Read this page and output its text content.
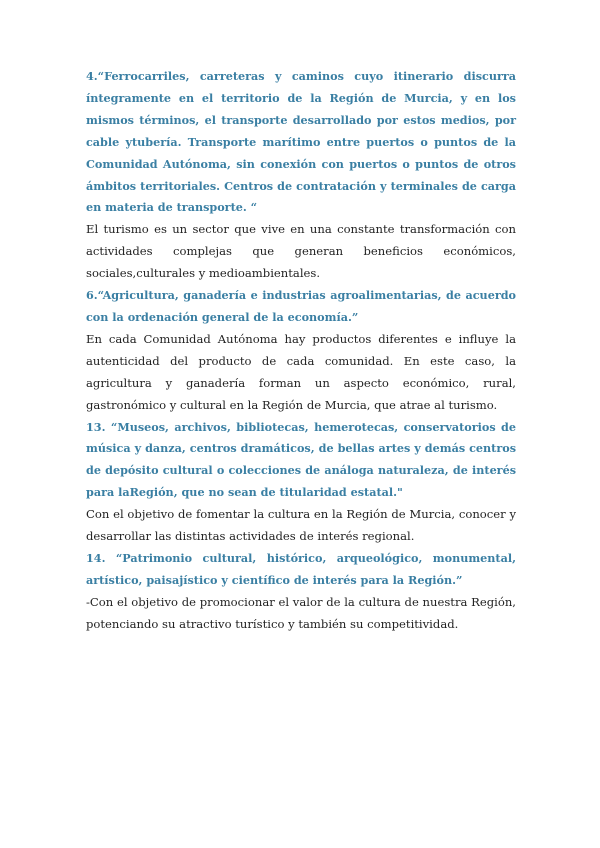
4.“Ferrocarriles, carreteras y caminos cuyo itinerario discurra íntegramente en el territorio de la Región de Murcia, y en los mismos términos, el transporte desarrollado por estos medios, por cable ytubería. Transporte marítimo entre puertos o puntos de la Comunidad Autónoma, sin conexión con puertos o puntos de otros ámbitos territoriales. Centros de contratación y terminales de carga en materia de transporte. “

El turismo es un sector que vive en una constante transformación con actividades complejas que generan beneficios económicos, sociales,culturales y medioambientales.

6.“Agricultura, ganadería e industrias agroalimentarias, de acuerdo con la ordenación general de la economía.”

En cada Comunidad Autónoma hay productos diferentes e influye la autenticidad del producto de cada comunidad. En este caso, la agricultura y ganadería forman un aspecto económico, rural, gastronómico y cultural en la Región de Murcia, que atrae al turismo.

13. “Museos, archivos, bibliotecas, hemerotecas, conservatorios de música y danza, centros dramáticos, de bellas artes y demás centros de depósito cultural o colecciones de análoga naturaleza, de interés para laRegión, que no sean de titularidad estatal."

Con el objetivo de fomentar la cultura en la Región de Murcia, conocer y desarrollar las distintas actividades de interés regional.

14. “Patrimonio cultural, histórico, arqueológico, monumental, artístico, paisajístico y científico de interés para la Región.”

-Con el objetivo de promocionar el valor de la cultura de nuestra Región, potenciando su atractivo turístico y también su competitividad.
